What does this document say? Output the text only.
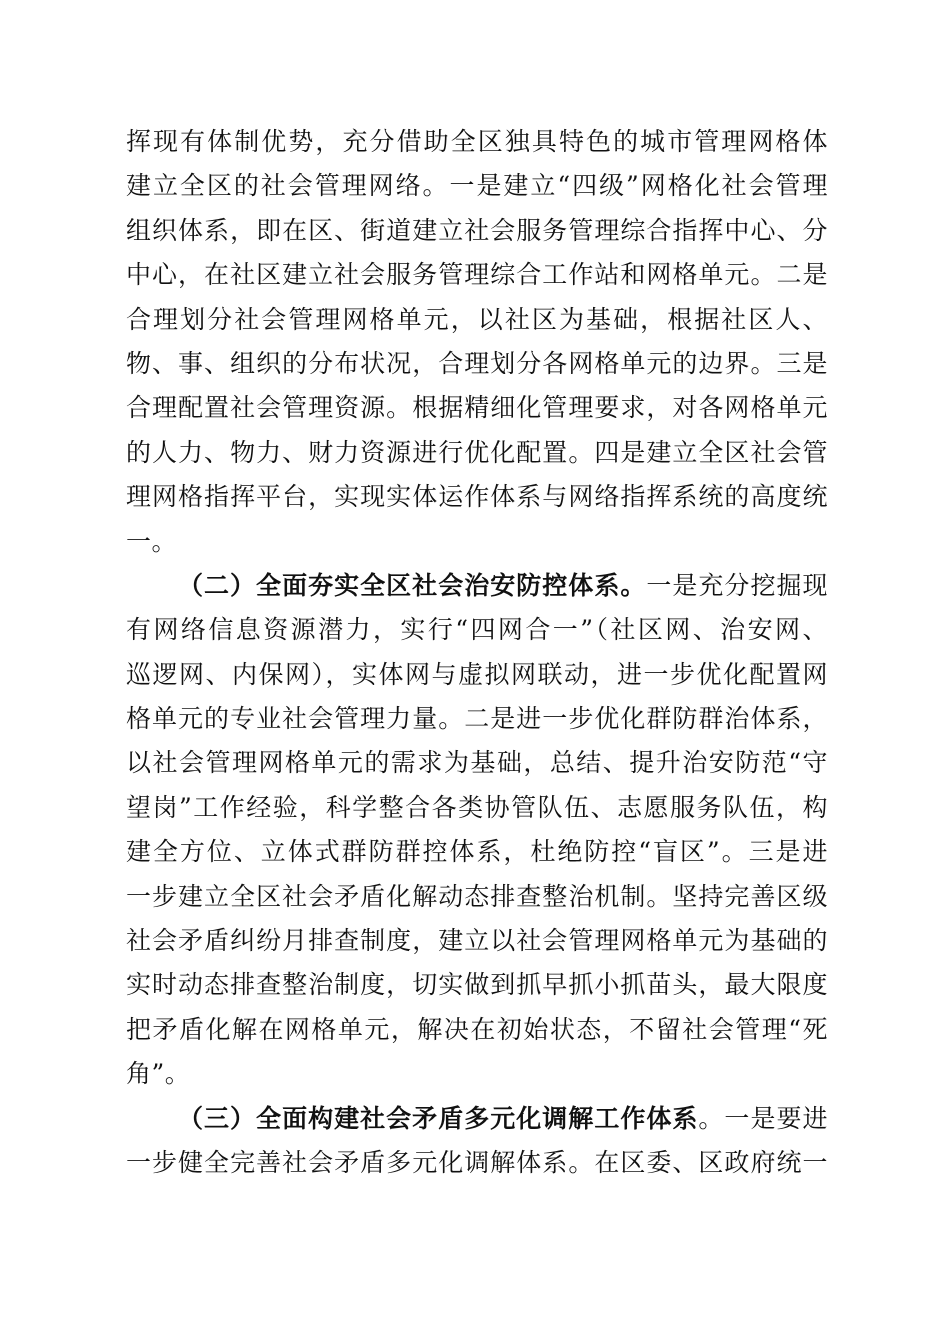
挥现有体制优势，充分借助全区独具特色的城市管理网格体
建立全区的社会管理网络。一是建立“四级”网格化社会管理
组织体系，即在区、街道建立社会服务管理综合指挥中心、分
中心，在社区建立社会服务管理综合工作站和网格单元。二是
合理划分社会管理网格单元，以社区为基础，根据社区人、
物、事、组织的分布状况，合理划分各网格单元的边界。三是
合理配置社会管理资源。根据精细化管理要求，对各网格单元
的人力、物力、财力资源进行优化配置。四是建立全区社会管
理网格指挥平台，实现实体运作体系与网络指挥系统的高度统
一。
（二）全面夯实全区社会治安防控体系。一是充分挖掘现
有网络信息资源潜力，实行“四网合一”（社区网、治安网、
巡逻网、内保网），实体网与虚拟网联动，进一步优化配置网
格单元的专业社会管理力量。二是进一步优化群防群治体系，
以社会管理网格单元的需求为基础，总结、提升治安防范“守
望岗”工作经验，科学整合各类协管队伍、志愿服务队伍，构
建全方位、立体式群防群控体系，杜绝防控“盲区”。三是进
一步建立全区社会矛盾化解动态排查整治机制。坚持完善区级
社会矛盾纠纷月排查制度，建立以社会管理网格单元为基础的
实时动态排查整治制度，切实做到抓早抓小抓苗头，最大限度
把矛盾化解在网格单元，解决在初始状态，不留社会管理“死
角”。
（三）全面构建社会矛盾多元化调解工作体系。一是要进
一步健全完善社会矛盾多元化调解体系。在区委、区政府统一
